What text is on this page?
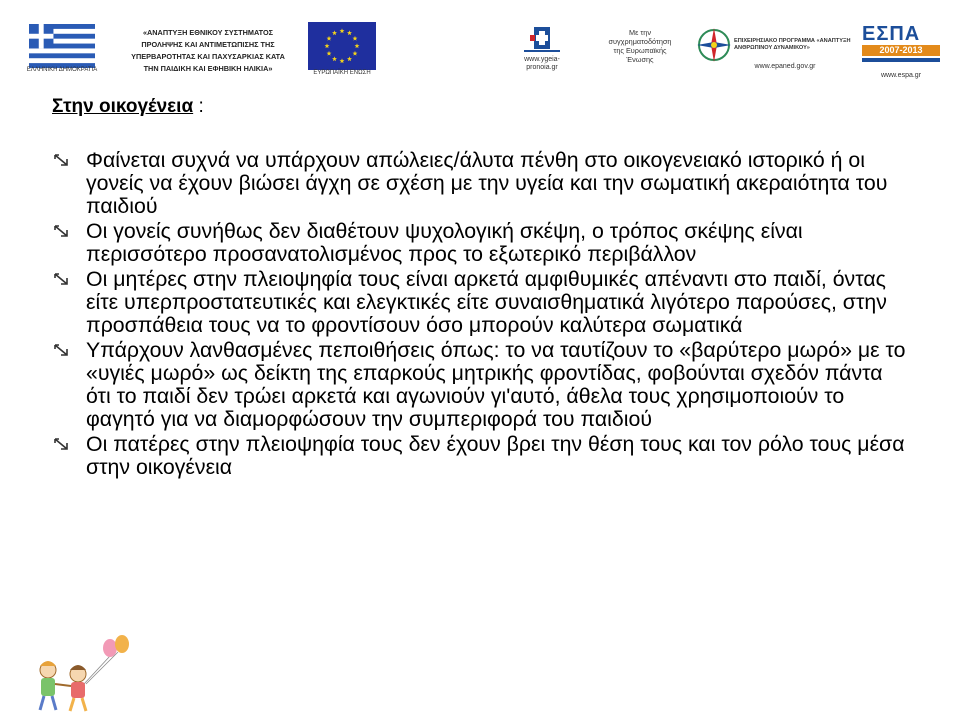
ΕΛΛΗΝΙΚΗ ΔΗΜΟΚΡΑΤΙΑ
«ΑΝΑΠΤΥΞΗ ΕΘΝΙΚΟΥ ΣΥΣΤΗΜΑΤΟΣ
ΠΡΟΛΗΨΗΣ ΚΑΙ ΑΝΤΙΜΕΤΩΠΙΣΗΣ ΤΗΣ
ΥΠΕΡΒΑΡΟΤΗΤΑΣ ΚΑΙ ΠΑΧΥΣΑΡΚΙΑΣ ΚΑΤΑ
ΤΗΝ ΠΑΙΔΙΚΗ ΚΑΙ ΕΦΗΒΙΚΗ ΗΛΙΚΙΑ»	ΕΥΡΩΠΑΪΚΗ ΕΝΩΣΗ
www.ygeia-pronoia.gr
Με την
συγχρηματοδότηση
της Ευρωπαϊκής
Ένωσης
ΕΠΙΧΕΙΡΗΣΙΑΚΟ ΠΡΟΓΡΑΜΜΑ «ΑΝΑΠΤΥΞΗ ΑΝΘΡΩΠΙΝΟΥ ΔΥΝΑΜΙΚΟΥ»
www.epaned.gov.gr
ΕΣΠΑ
2007-2013
www.espa.gr
Στην οικογένεια :
Φαίνεται συχνά να υπάρχουν απώλειες/άλυτα πένθη στο οικογενειακό ιστορικό ή οι γονείς να έχουν βιώσει άγχη σε σχέση με την υγεία και την σωματική ακεραιότητα του παιδιού
Οι γονείς συνήθως δεν διαθέτουν ψυχολογική σκέψη, ο τρόπος σκέψης είναι περισσότερο προσανατολισμένος προς το εξωτερικό περιβάλλον
Οι μητέρες στην πλειοψηφία τους είναι αρκετά αμφιθυμικές απέναντι στο παιδί, όντας είτε υπερπροστατευτικές και ελεγκτικές είτε συναισθηματικά λιγότερο παρούσες, στην προσπάθεια τους να το φροντίσουν όσο μπορούν καλύτερα σωματικά
Υπάρχουν λανθασμένες πεποιθήσεις όπως: το να ταυτίζουν το «βαρύτερο μωρό» με το «υγιές μωρό» ως δείκτη της επαρκούς μητρικής φροντίδας, φοβούνται σχεδόν πάντα ότι το παιδί δεν τρώει αρκετά και αγωνιούν γι'αυτό, άθελα τους χρησιμοποιούν το φαγητό για να διαμορφώσουν την συμπεριφορά του παιδιού
Οι πατέρες στην πλειοψηφία τους δεν έχουν βρει την θέση τους και τον ρόλο τους μέσα στην οικογένεια
